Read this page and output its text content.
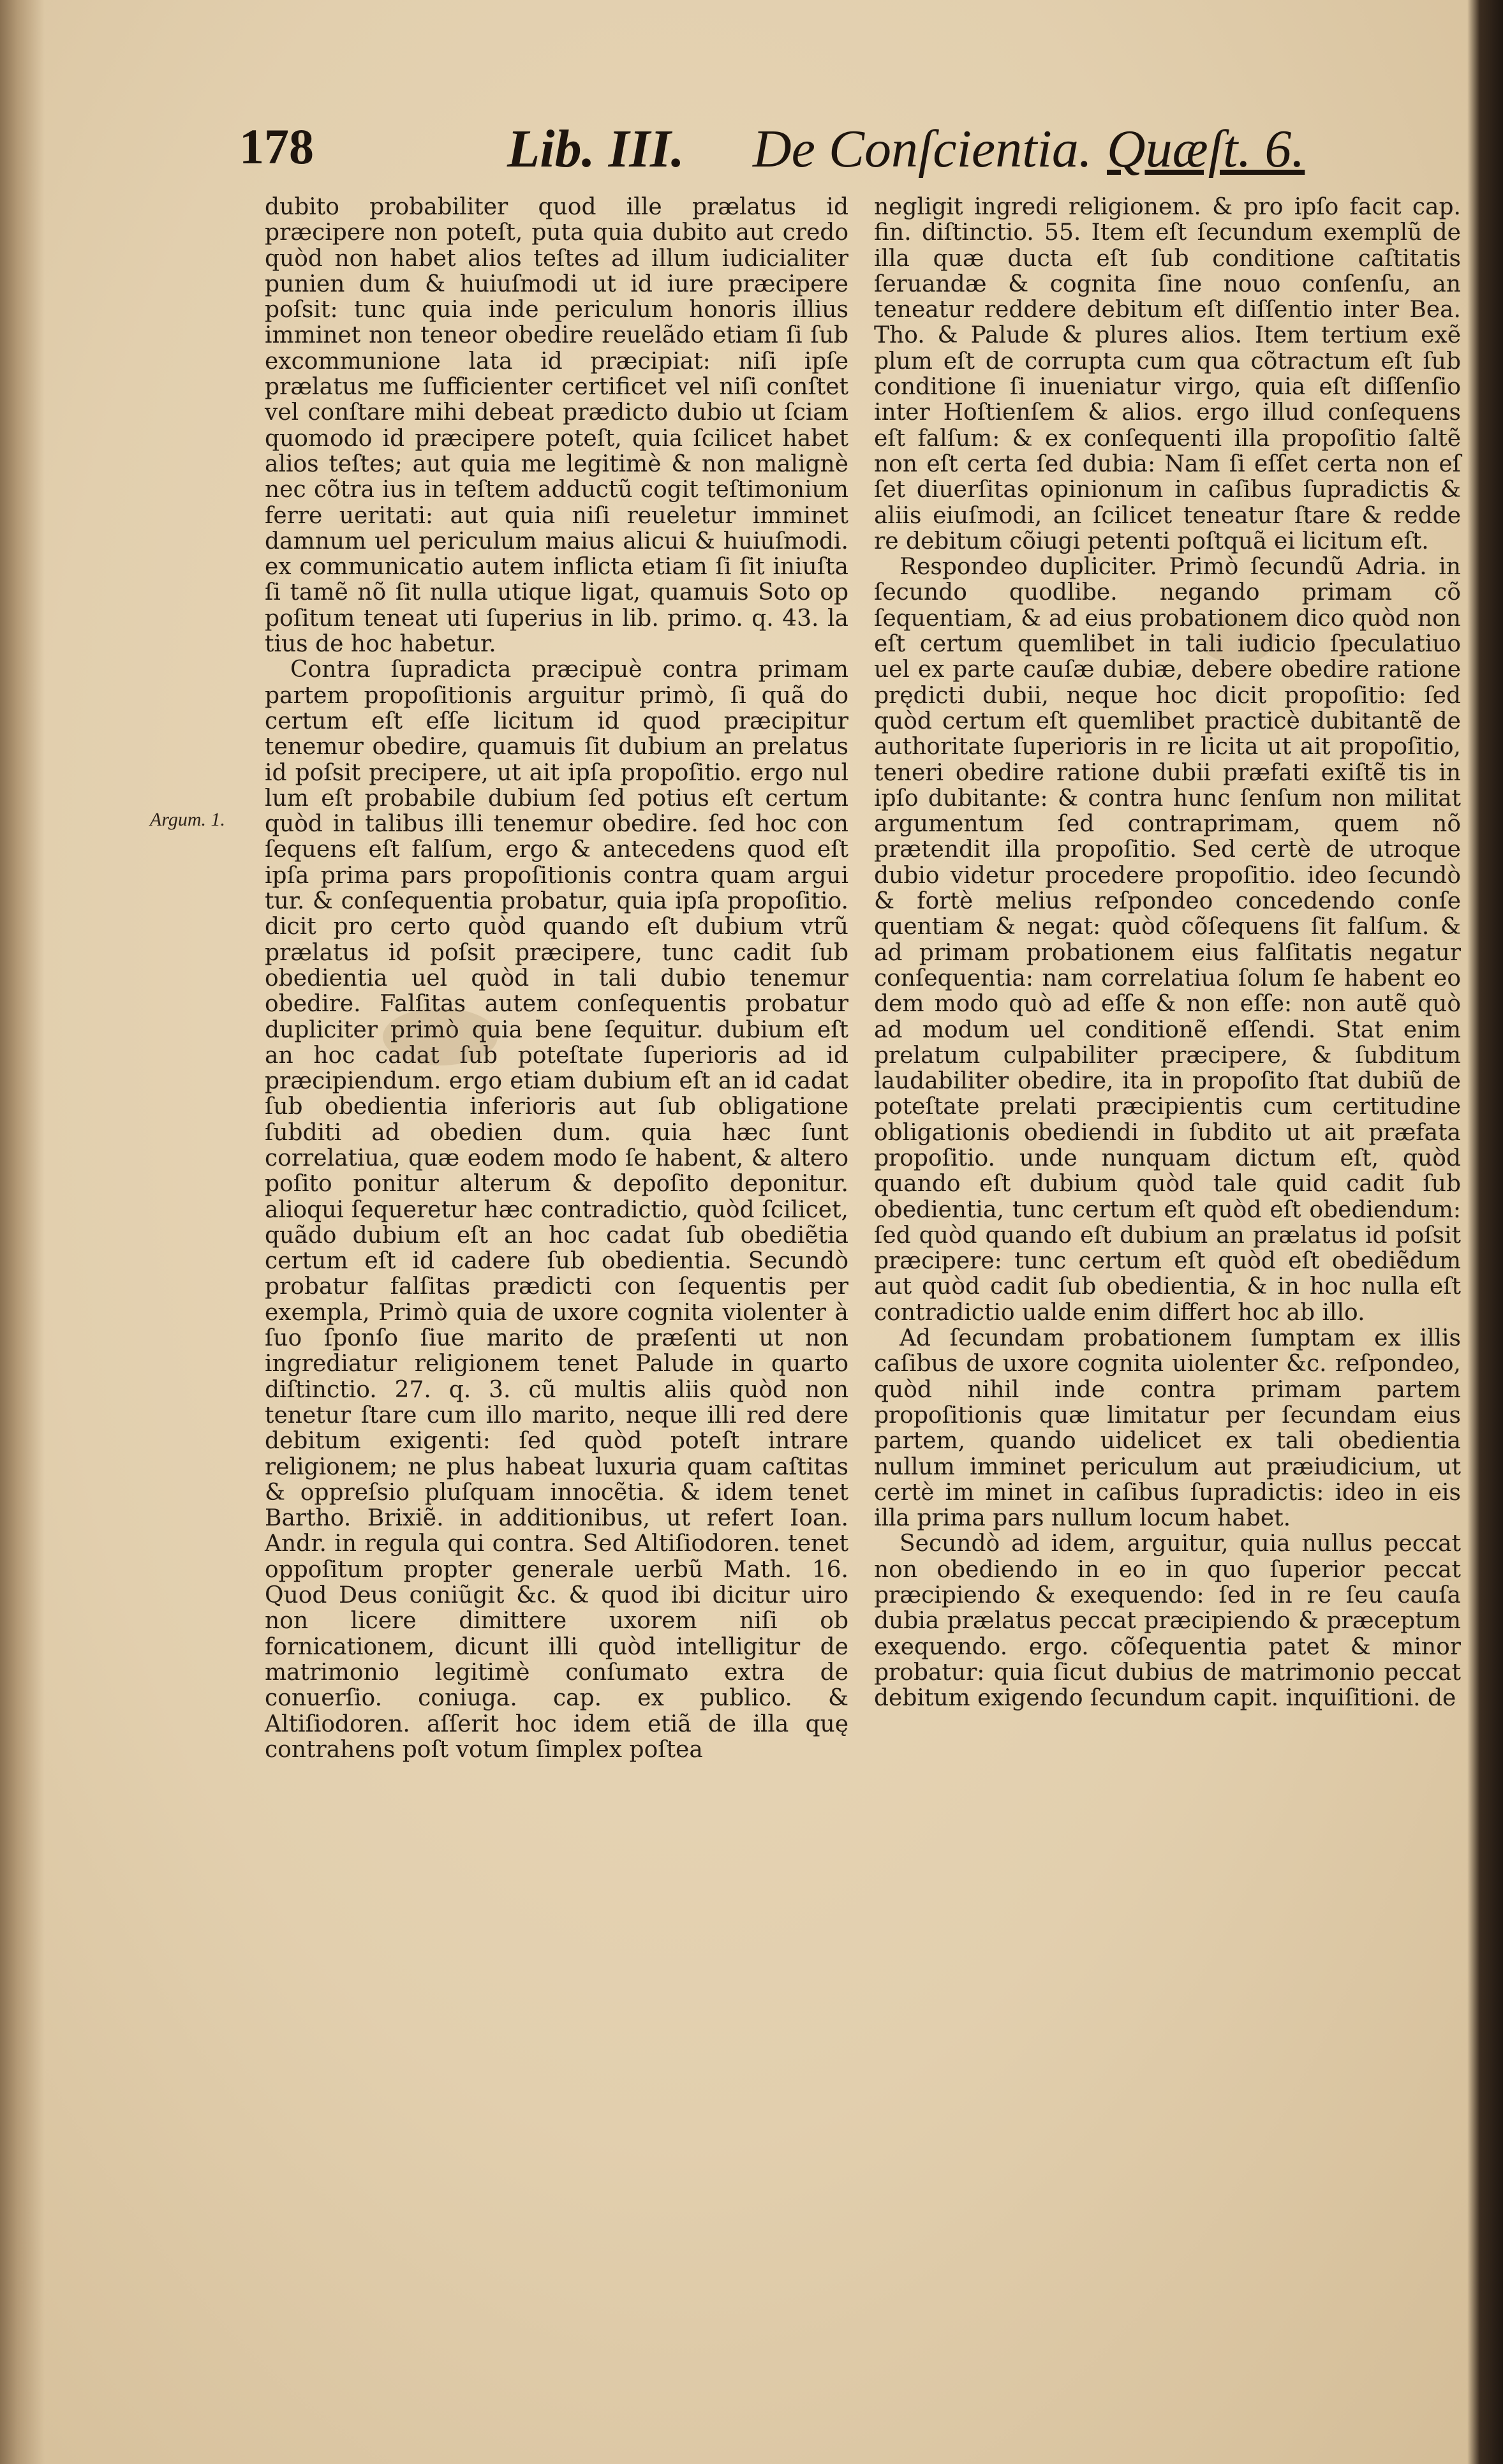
178	Lib. III. De Conſcientia. Quæſt. 6.
Argum. 1.

dubito probabiliter quod ille prælatus id præcipere non poteſt, puta quia dubito aut credo quòd non habet alios teſtes ad illum iudicialiter punien dum & huiuſmodi ut id iure præcipere poſsit: tunc quia inde periculum honoris illius imminet non teneor obedire reuelãdo etiam ſi ſub excommunione lata id præcipiat: niſi ipſe prælatus me ſufficienter certificet vel niſi conſtet vel conſtare mihi debeat prædicto dubio ut ſciam quomodo id præcipere poteſt, quia ſcilicet habet alios teſtes; aut quia me legitimè & non malignè nec cõtra ius in teſtem adductũ cogit teſtimonium ferre ueritati: aut quia niſi reueletur imminet damnum uel periculum maius alicui & huiuſmodi. ex communicatio autem inflicta etiam ſi ſit iniuſta ſi tamẽ nõ ſit nulla utique ligat, quamuis Soto op poſitum teneat uti ſuperius in lib. primo. q. 43. la tius de hoc habetur.

Contra ſupradicta præcipuè contra primam partem propoſitionis arguitur primò, ſi quã do certum eſt eſſe licitum id quod præcipitur tenemur obedire, quamuis ſit dubium an prelatus id poſsit precipere, ut ait ipſa propoſitio. ergo nul lum eſt probabile dubium ſed potius eſt certum quòd in talibus illi tenemur obedire. ſed hoc con ſequens eſt falſum, ergo & antecedens quod eſt ipſa prima pars propoſitionis contra quam argui tur. & conſequentia probatur, quia ipſa propoſitio. dicit pro certo quòd quando eſt dubium vtrũ prælatus id poſsit præcipere, tunc cadit ſub obedientia uel quòd in tali dubio tenemur obedire. Falſitas autem conſequentis probatur dupliciter primò quia bene ſequitur. dubium eſt an hoc cadat ſub poteſtate ſuperioris ad id præcipiendum. ergo etiam dubium eſt an id cadat ſub obedientia inferioris aut ſub obligatione ſubditi ad obedien dum. quia hæc ſunt correlatiua, quæ eodem modo ſe habent, & altero poſito ponitur alterum & depoſito deponitur. alioqui ſequeretur hæc contradictio, quòd ſcilicet, quãdo dubium eſt an hoc cadat ſub obediẽtia certum eſt id cadere ſub obedientia. Secundò probatur falſitas prædicti con ſequentis per exempla, Primò quia de uxore cognita violenter à ſuo ſponſo ſiue marito de præſenti ut non ingrediatur religionem tenet Palude in quarto diſtinctio. 27. q. 3. cũ multis aliis quòd non tenetur ſtare cum illo marito, neque illi red dere debitum exigenti: ſed quòd poteſt intrare religionem; ne plus habeat luxuria quam caſtitas & oppreſsio pluſquam innocẽtia. & idem tenet Bartho. Brixiẽ. in additionibus, ut refert Ioan. Andr. in regula qui contra. Sed Altiſiodoren. tenet oppoſitum propter generale uerbũ Math. 16. Quod Deus coniũgit &c. & quod ibi dicitur uiro non licere dimittere uxorem niſi ob fornicationem, dicunt illi quòd intelligitur de matrimonio legitimè conſumato extra de conuerſio. coniuga. cap. ex publico. & Altiſiodoren. aſſerit hoc idem etiã de illa quę contrahens poſt votum ſimplex poſtea

negligit ingredi religionem. & pro ipſo facit cap. fin. diſtinctio. 55. Item eſt ſecundum exemplũ de illa quæ ducta eſt ſub conditione caſtitatis ſeruandæ & cognita ſine nouo conſenſu, an teneatur reddere debitum eſt diſſentio inter Bea. Tho. & Palude & plures alios. Item tertium exẽ plum eſt de corrupta cum qua cõtractum eſt ſub conditione ſi inueniatur virgo, quia eſt diſſenſio inter Hoſtienſem & alios. ergo illud conſequens eſt falſum: & ex conſequenti illa propoſitio ſaltẽ non eſt certa ſed dubia: Nam ſi eſſet certa non eſ ſet diuerſitas opinionum in caſibus ſupradictis & aliis eiuſmodi, an ſcilicet teneatur ſtare & redde re debitum cõiugi petenti poſtquã ei licitum eſt.

Respondeo dupliciter. Primò ſecundũ Adria. in ſecundo quodlibe. negando primam cõ ſequentiam, & ad eius probationem dico quòd non eſt certum quemlibet in tali iudicio ſpeculatiuo uel ex parte cauſæ dubiæ, debere obedire ratione prędicti dubii, neque hoc dicit propoſitio: ſed quòd certum eſt quemlibet practicè dubitantẽ de authoritate ſuperioris in re licita ut ait propoſitio, teneri obedire ratione dubii præfati exiſtẽ tis in ipſo dubitante: & contra hunc ſenſum non militat argumentum ſed contraprimam, quem nõ prætendit illa propoſitio. Sed certè de utroque dubio videtur procedere propoſitio. ideo ſecundò & fortè melius reſpondeo concedendo conſe quentiam & negat: quòd cõſequens ſit falſum. & ad primam probationem eius falſitatis negatur conſequentia: nam correlatiua ſolum ſe habent eo dem modo quò ad eſſe & non eſſe: non autẽ quò ad modum uel conditionẽ eſſendi. Stat enim prelatum culpabiliter præcipere, & ſubditum laudabiliter obedire, ita in propoſito ſtat dubiũ de poteſtate prelati præcipientis cum certitudine obligationis obediendi in ſubdito ut ait præfata propoſitio. unde nunquam dictum eſt, quòd quando eſt dubium quòd tale quid cadit ſub obedientia, tunc certum eſt quòd eſt obediendum: ſed quòd quando eſt dubium an prælatus id poſsit præcipere: tunc certum eſt quòd eſt obediẽdum aut quòd cadit ſub obedientia, & in hoc nulla eſt contradictio ualde enim differt hoc ab illo.

Ad ſecundam probationem ſumptam ex illis caſibus de uxore cognita uiolenter &c. reſpondeo, quòd nihil inde contra primam partem propoſitionis quæ limitatur per ſecundam eius partem, quando uidelicet ex tali obedientia nullum imminet periculum aut præiudicium, ut certè im minet in caſibus ſupradictis: ideo in eis illa prima pars nullum locum habet.

Secundò ad idem, arguitur, quia nullus peccat non obediendo in eo in quo ſuperior peccat præcipiendo & exequendo: ſed in re ſeu cauſa dubia prælatus peccat præcipiendo & præceptum exequendo. ergo. cõſequentia patet & minor probatur: quia ſicut dubius de matrimonio peccat debitum exigendo ſecundum capit. inquiſitioni. de
